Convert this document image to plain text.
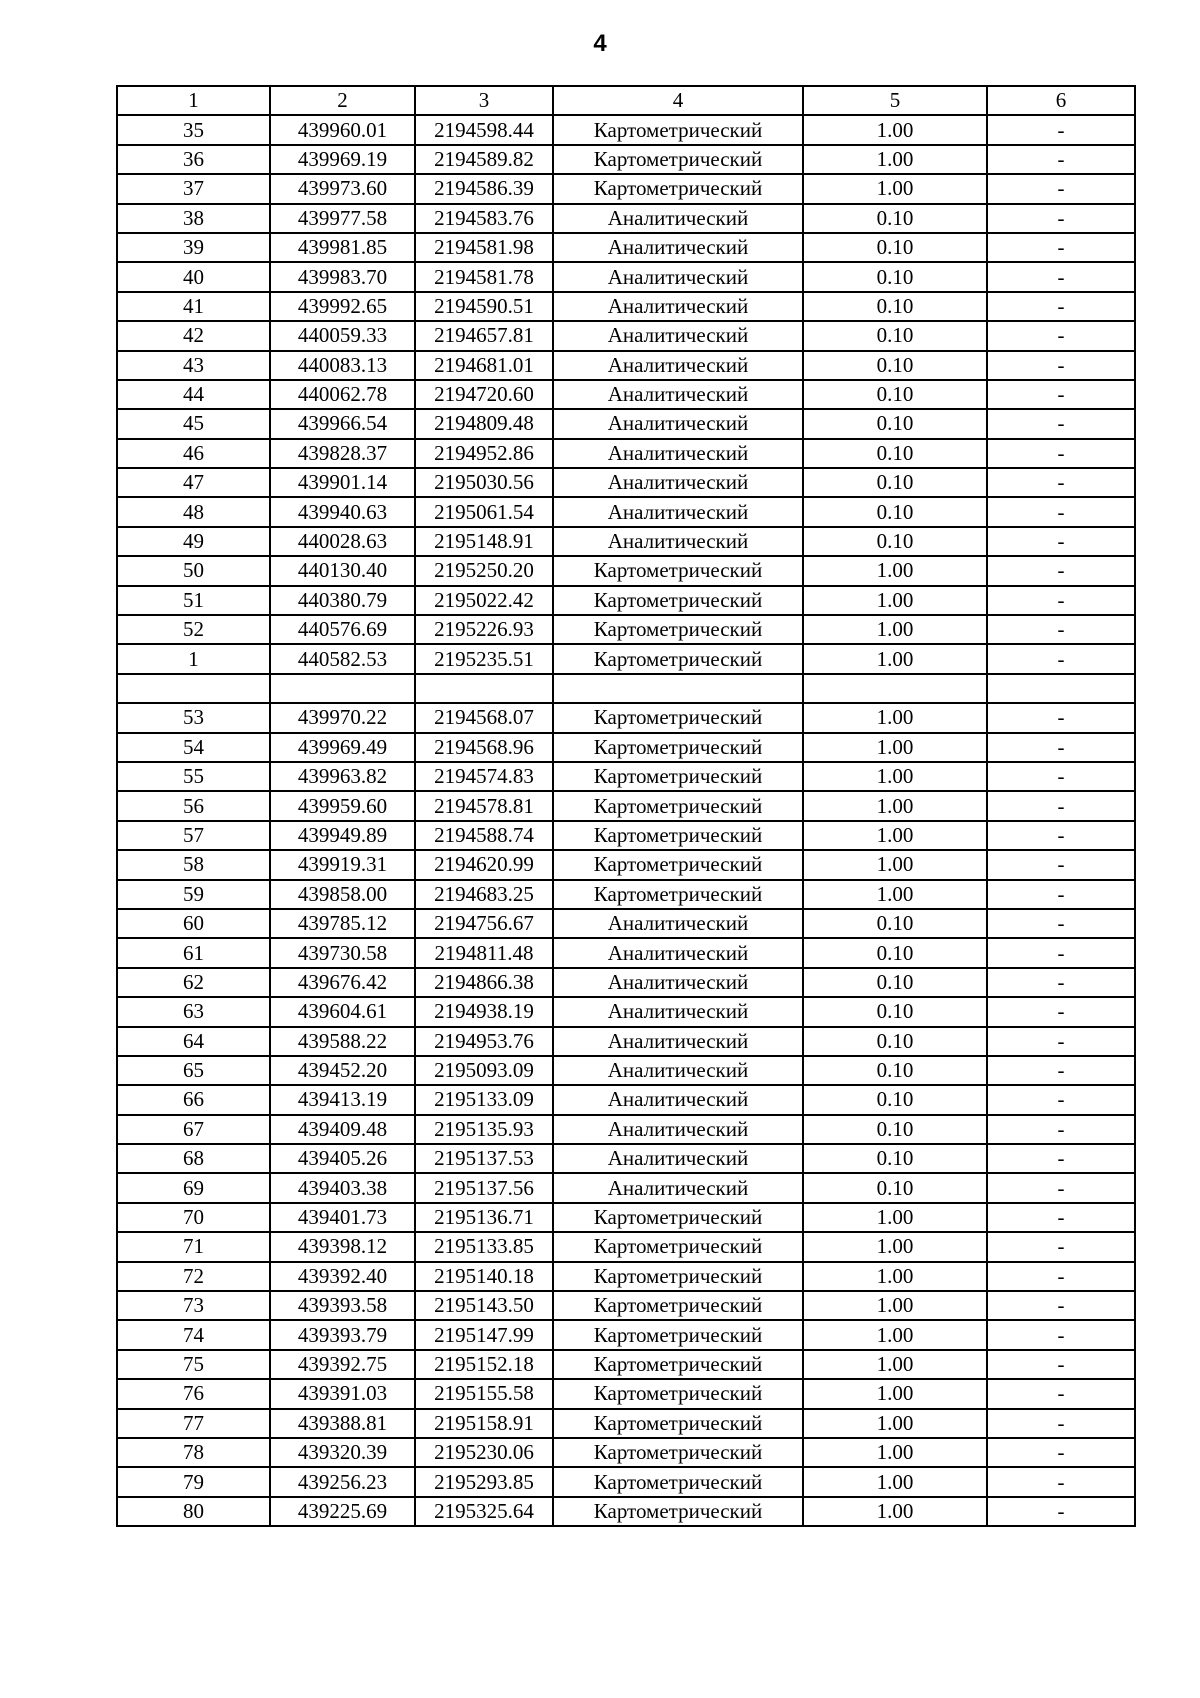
4
1	2	3	4	5	6
35	439960.01	2194598.44	Картометрический	1.00	-
36	439969.19	2194589.82	Картометрический	1.00	-
37	439973.60	2194586.39	Картометрический	1.00	-
38	439977.58	2194583.76	Аналитический	0.10	-
39	439981.85	2194581.98	Аналитический	0.10	-
40	439983.70	2194581.78	Аналитический	0.10	-
41	439992.65	2194590.51	Аналитический	0.10	-
42	440059.33	2194657.81	Аналитический	0.10	-
43	440083.13	2194681.01	Аналитический	0.10	-
44	440062.78	2194720.60	Аналитический	0.10	-
45	439966.54	2194809.48	Аналитический	0.10	-
46	439828.37	2194952.86	Аналитический	0.10	-
47	439901.14	2195030.56	Аналитический	0.10	-
48	439940.63	2195061.54	Аналитический	0.10	-
49	440028.63	2195148.91	Аналитический	0.10	-
50	440130.40	2195250.20	Картометрический	1.00	-
51	440380.79	2195022.42	Картометрический	1.00	-
52	440576.69	2195226.93	Картометрический	1.00	-
1	440582.53	2195235.51	Картометрический	1.00	-

53	439970.22	2194568.07	Картометрический	1.00	-
54	439969.49	2194568.96	Картометрический	1.00	-
55	439963.82	2194574.83	Картометрический	1.00	-
56	439959.60	2194578.81	Картометрический	1.00	-
57	439949.89	2194588.74	Картометрический	1.00	-
58	439919.31	2194620.99	Картометрический	1.00	-
59	439858.00	2194683.25	Картометрический	1.00	-
60	439785.12	2194756.67	Аналитический	0.10	-
61	439730.58	2194811.48	Аналитический	0.10	-
62	439676.42	2194866.38	Аналитический	0.10	-
63	439604.61	2194938.19	Аналитический	0.10	-
64	439588.22	2194953.76	Аналитический	0.10	-
65	439452.20	2195093.09	Аналитический	0.10	-
66	439413.19	2195133.09	Аналитический	0.10	-
67	439409.48	2195135.93	Аналитический	0.10	-
68	439405.26	2195137.53	Аналитический	0.10	-
69	439403.38	2195137.56	Аналитический	0.10	-
70	439401.73	2195136.71	Картометрический	1.00	-
71	439398.12	2195133.85	Картометрический	1.00	-
72	439392.40	2195140.18	Картометрический	1.00	-
73	439393.58	2195143.50	Картометрический	1.00	-
74	439393.79	2195147.99	Картометрический	1.00	-
75	439392.75	2195152.18	Картометрический	1.00	-
76	439391.03	2195155.58	Картометрический	1.00	-
77	439388.81	2195158.91	Картометрический	1.00	-
78	439320.39	2195230.06	Картометрический	1.00	-
79	439256.23	2195293.85	Картометрический	1.00	-
80	439225.69	2195325.64	Картометрический	1.00	-
